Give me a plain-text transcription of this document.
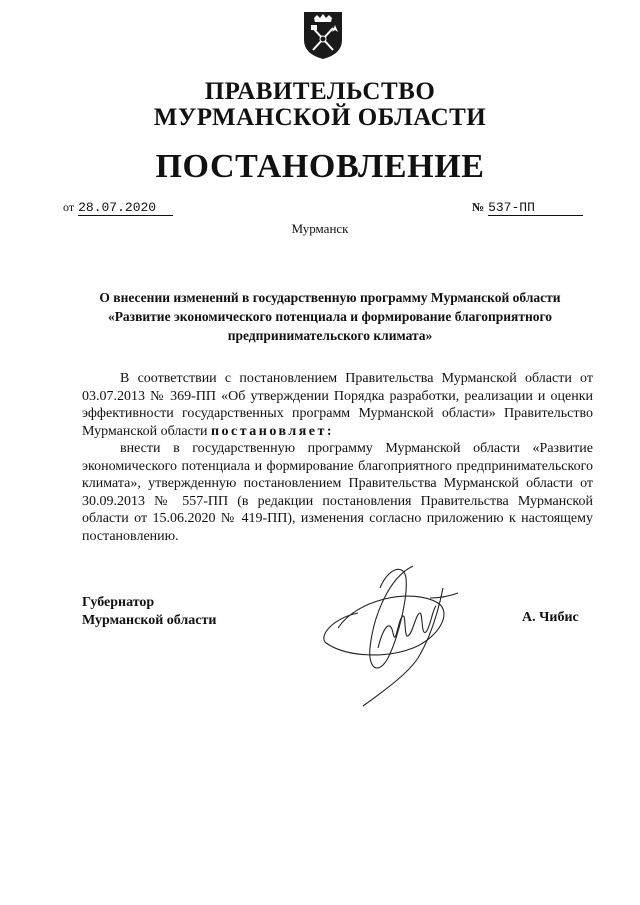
ПРАВИТЕЛЬСТВО
МУРМАНСКОЙ ОБЛАСТИ
ПОСТАНОВЛЕНИЕ
от 28.07.2020	№ 537-ПП
Мурманск
О внесении изменений в государственную программу Мурманской области
«Развитие экономического потенциала и формирование благоприятного
предпринимательского климата»
В соответствии с постановлением Правительства Мурманской области от 03.07.2013 № 369-ПП «Об утверждении Порядка разработки, реализации и оценки эффективности государственных программ Мурманской области» Правительство Мурманской области постановляет:
внести в государственную программу Мурманской области «Развитие экономического потенциала и формирование благоприятного предпринимательского климата», утвержденную постановлением Правительства Мурманской области от 30.09.2013 № 557-ПП (в редакции постановления Правительства Мурманской области от 15.06.2020 № 419-ПП), изменения согласно приложению к настоящему постановлению.
Губернатор
Мурманской области	А. Чибис
